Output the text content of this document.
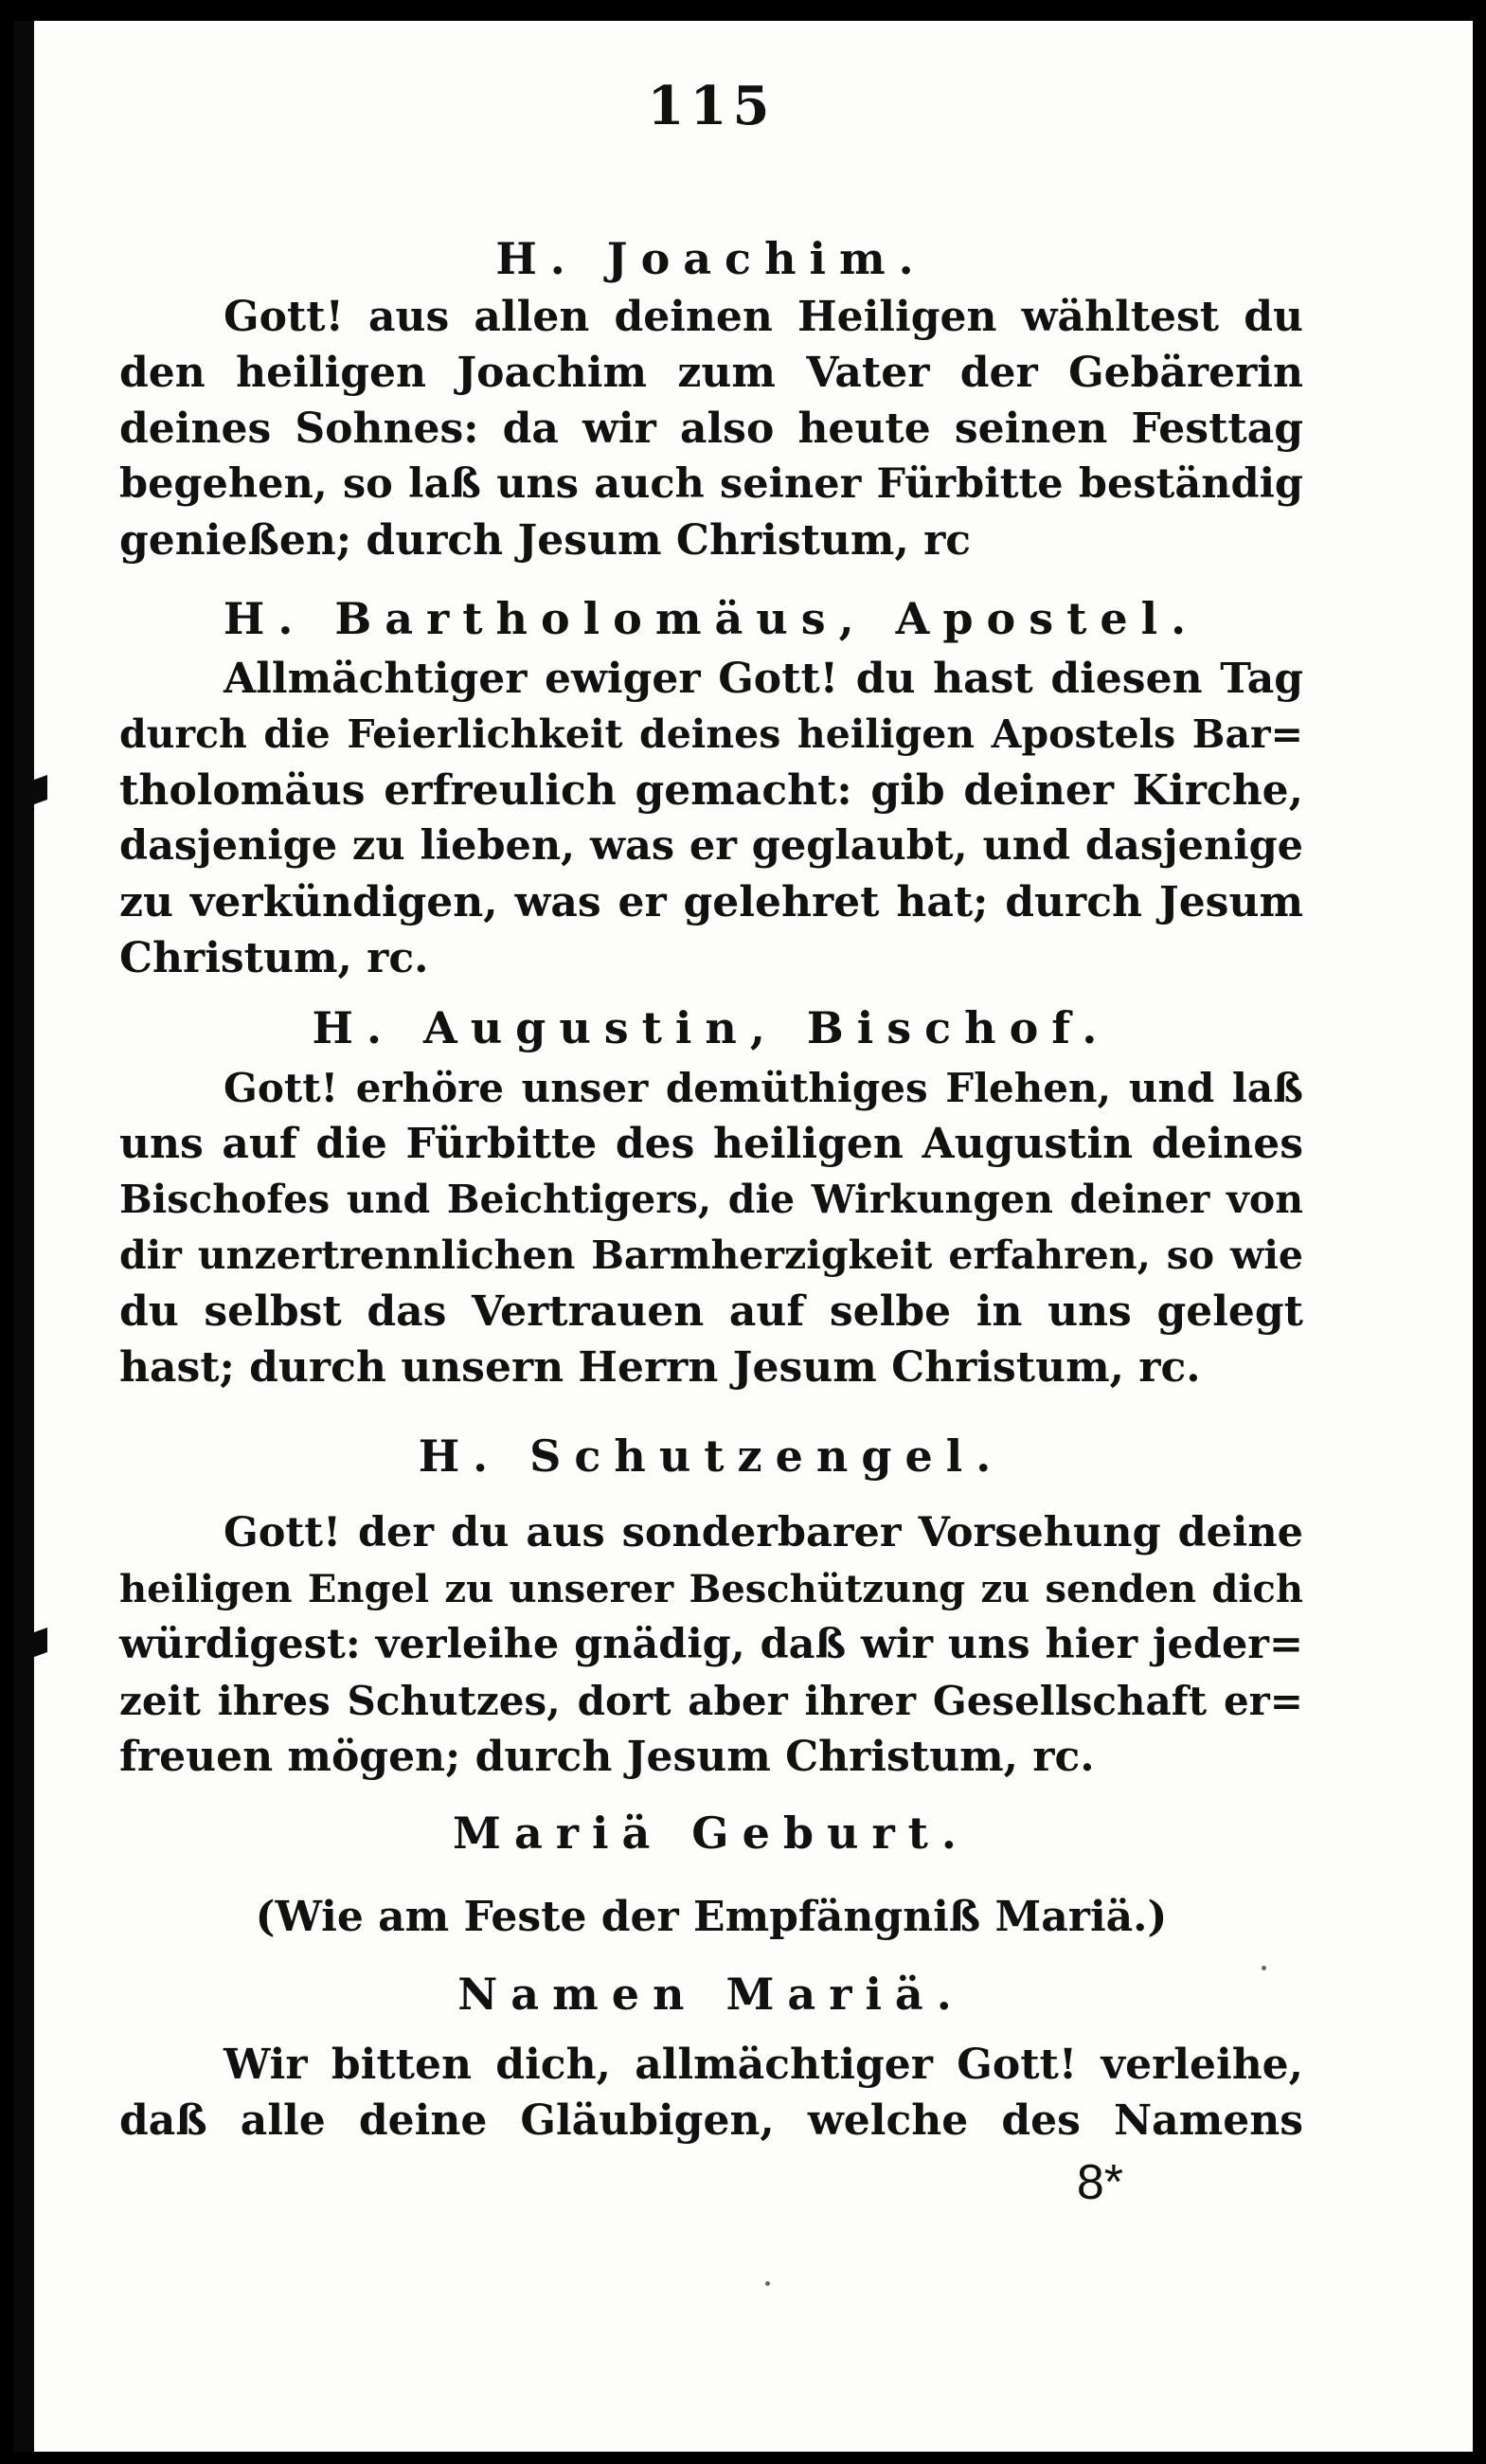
115
H. Joachim.
Gott! aus allen deinen Heiligen wähltest du
den heiligen Joachim zum Vater der Gebärerin
deines Sohnes: da wir also heute seinen Festtag
begehen, so laß uns auch seiner Fürbitte beständig
genießen; durch Jesum Christum, rc
H. Bartholomäus, Apostel.
Allmächtiger ewiger Gott! du hast diesen Tag
durch die Feierlichkeit deines heiligen Apostels Bar=
tholomäus erfreulich gemacht: gib deiner Kirche,
dasjenige zu lieben, was er geglaubt, und dasjenige
zu verkündigen, was er gelehret hat; durch Jesum
Christum, rc.
H. Augustin, Bischof.
Gott! erhöre unser demüthiges Flehen, und laß
uns auf die Fürbitte des heiligen Augustin deines
Bischofes und Beichtigers, die Wirkungen deiner von
dir unzertrennlichen Barmherzigkeit erfahren, so wie
du selbst das Vertrauen auf selbe in uns gelegt
hast; durch unsern Herrn Jesum Christum, rc.
H. Schutzengel.
Gott! der du aus sonderbarer Vorsehung deine
heiligen Engel zu unserer Beschützung zu senden dich
würdigest: verleihe gnädig, daß wir uns hier jeder=
zeit ihres Schutzes, dort aber ihrer Gesellschaft er=
freuen mögen; durch Jesum Christum, rc.
Mariä Geburt.
(Wie am Feste der Empfängniß Mariä.)
Namen Mariä.
Wir bitten dich, allmächtiger Gott! verleihe,
daß alle deine Gläubigen, welche des Namens
8*
